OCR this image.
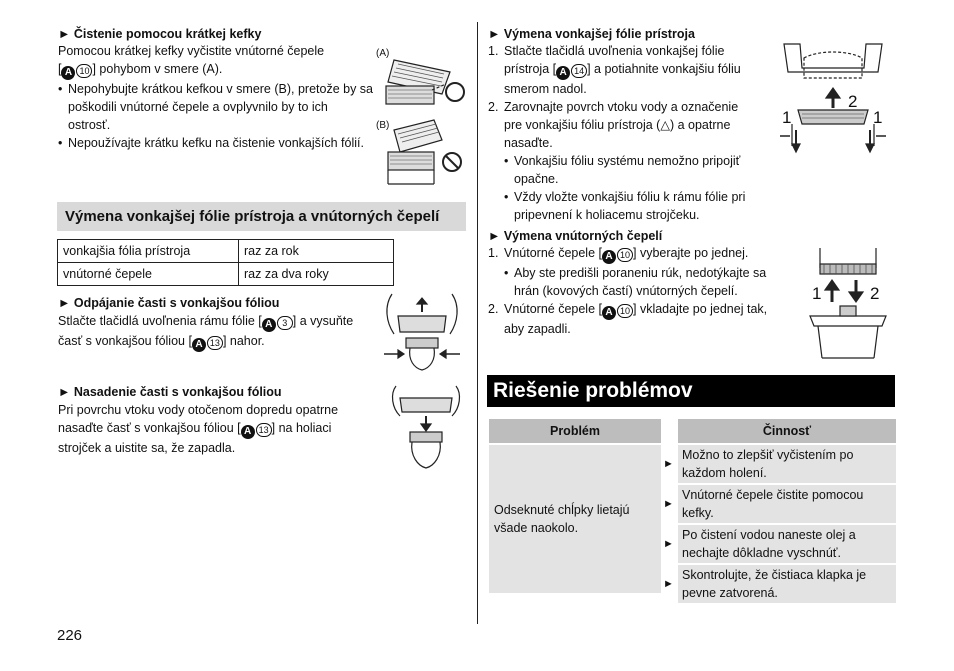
► Čistenie pomocou krátkej kefky
Pomocou krátkej kefky vyčistite vnútorné čepele
[ A 10 ] pohybom v smere (A).
• Nepohybujte krátkou kefkou v smere (B), pretože by sa poškodili vnútorné čepele a ovplyvnilo by to ich ostrosť.
• Nepoužívajte krátku kefku na čistenie vonkajších fólií.
(A)
(B)
Výmena vonkajšej fólie prístroja a vnútorných čepelí
vonkajšia fólia prístroja	raz za rok
vnútorné čepele	raz za dva roky
► Odpájanie časti s vonkajšou fóliou
Stlačte tlačidlá uvoľnenia rámu fólie [ A 3 ] a vysuňte
časť s vonkajšou fóliou [ A 13 ] nahor.
► Nasadenie časti s vonkajšou fóliou
Pri povrchu vtoku vody otočenom dopredu opatrne
nasaďte časť s vonkajšou fóliou [ A 13 ] na holiaci
strojček a uistite sa, že zapadla.
226
► Výmena vonkajšej fólie prístroja
1. Stlačte tlačidlá uvoľnenia vonkajšej fólie
prístroja [ A 14 ] a potiahnite vonkajšiu fóliu
smerom nadol.
2. Zarovnajte povrch vtoku vody a označenie
pre vonkajšiu fóliu prístroja (△) a opatrne
nasaďte.
• Vonkajšiu fóliu systému nemožno pripojiť opačne.
• Vždy vložte vonkajšiu fóliu k rámu fólie pri pripevnení k holiacemu strojčeku.
1
2
1
► Výmena vnútorných čepelí
1. Vnútorné čepele [ A 10 ] vyberajte po jednej.
• Aby ste predišli poraneniu rúk, nedotýkajte sa hrán (kovových častí) vnútorných čepelí.
2. Vnútorné čepele [ A 10 ] vkladajte po jednej tak,
aby zapadli.
1	2
Riešenie problémov
Problém	Činnosť
Odseknuté chĺpky lietajú všade naokolo.
►
Možno to zlepšiť vyčistením po každom holení.
►
Vnútorné čepele čistite pomocou kefky.
►
Po čistení vodou naneste olej a nechajte dôkladne vyschnúť.
►
Skontrolujte, že čistiaca klapka je pevne zatvorená.
